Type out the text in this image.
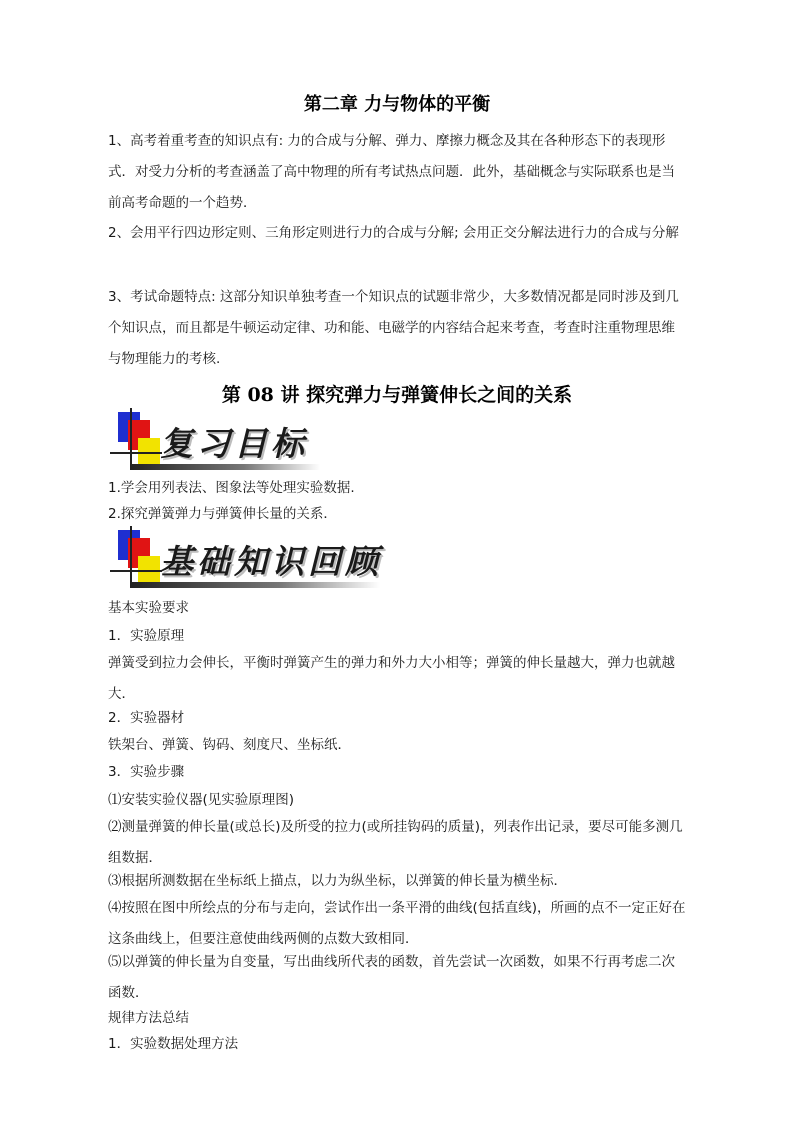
第二章 力与物体的平衡

1、高考着重考查的知识点有: 力的合成与分解、弹力、摩擦力概念及其在各种形态下的表现形式．对受力分析的考查涵盖了高中物理的所有考试热点问题．此外，基础概念与实际联系也是当前高考命题的一个趋势．

2、会用平行四边形定则、三角形定则进行力的合成与分解; 会用正交分解法进行力的合成与分解

3、考试命题特点: 这部分知识单独考查一个知识点的试题非常少，大多数情况都是同时涉及到几个知识点，而且都是牛顿运动定律、功和能、电磁学的内容结合起来考查，考查时注重物理思维与物理能力的考核.

第 08 讲 探究弹力与弹簧伸长之间的关系
复习目标
1.学会用列表法、图象法等处理实验数据.
2.探究弹簧弹力与弹簧伸长量的关系．
基础知识回顾
基本实验要求
1．实验原理

弹簧受到拉力会伸长，平衡时弹簧产生的弹力和外力大小相等；弹簧的伸长量越大，弹力也就越大．

2．实验器材
铁架台、弹簧、钩码、刻度尺、坐标纸．
3．实验步骤
⑴安装实验仪器(见实验原理图)

⑵测量弹簧的伸长量(或总长)及所受的拉力(或所挂钩码的质量)，列表作出记录，要尽可能多测几组数据．

⑶根据所测数据在坐标纸上描点，以力为纵坐标，以弹簧的伸长量为横坐标．

⑷按照在图中所绘点的分布与走向，尝试作出一条平滑的曲线(包括直线)，所画的点不一定正好在这条曲线上，但要注意使曲线两侧的点数大致相同．

⑸以弹簧的伸长量为自变量，写出曲线所代表的函数，首先尝试一次函数，如果不行再考虑二次函数．

规律方法总结
1．实验数据处理方法
